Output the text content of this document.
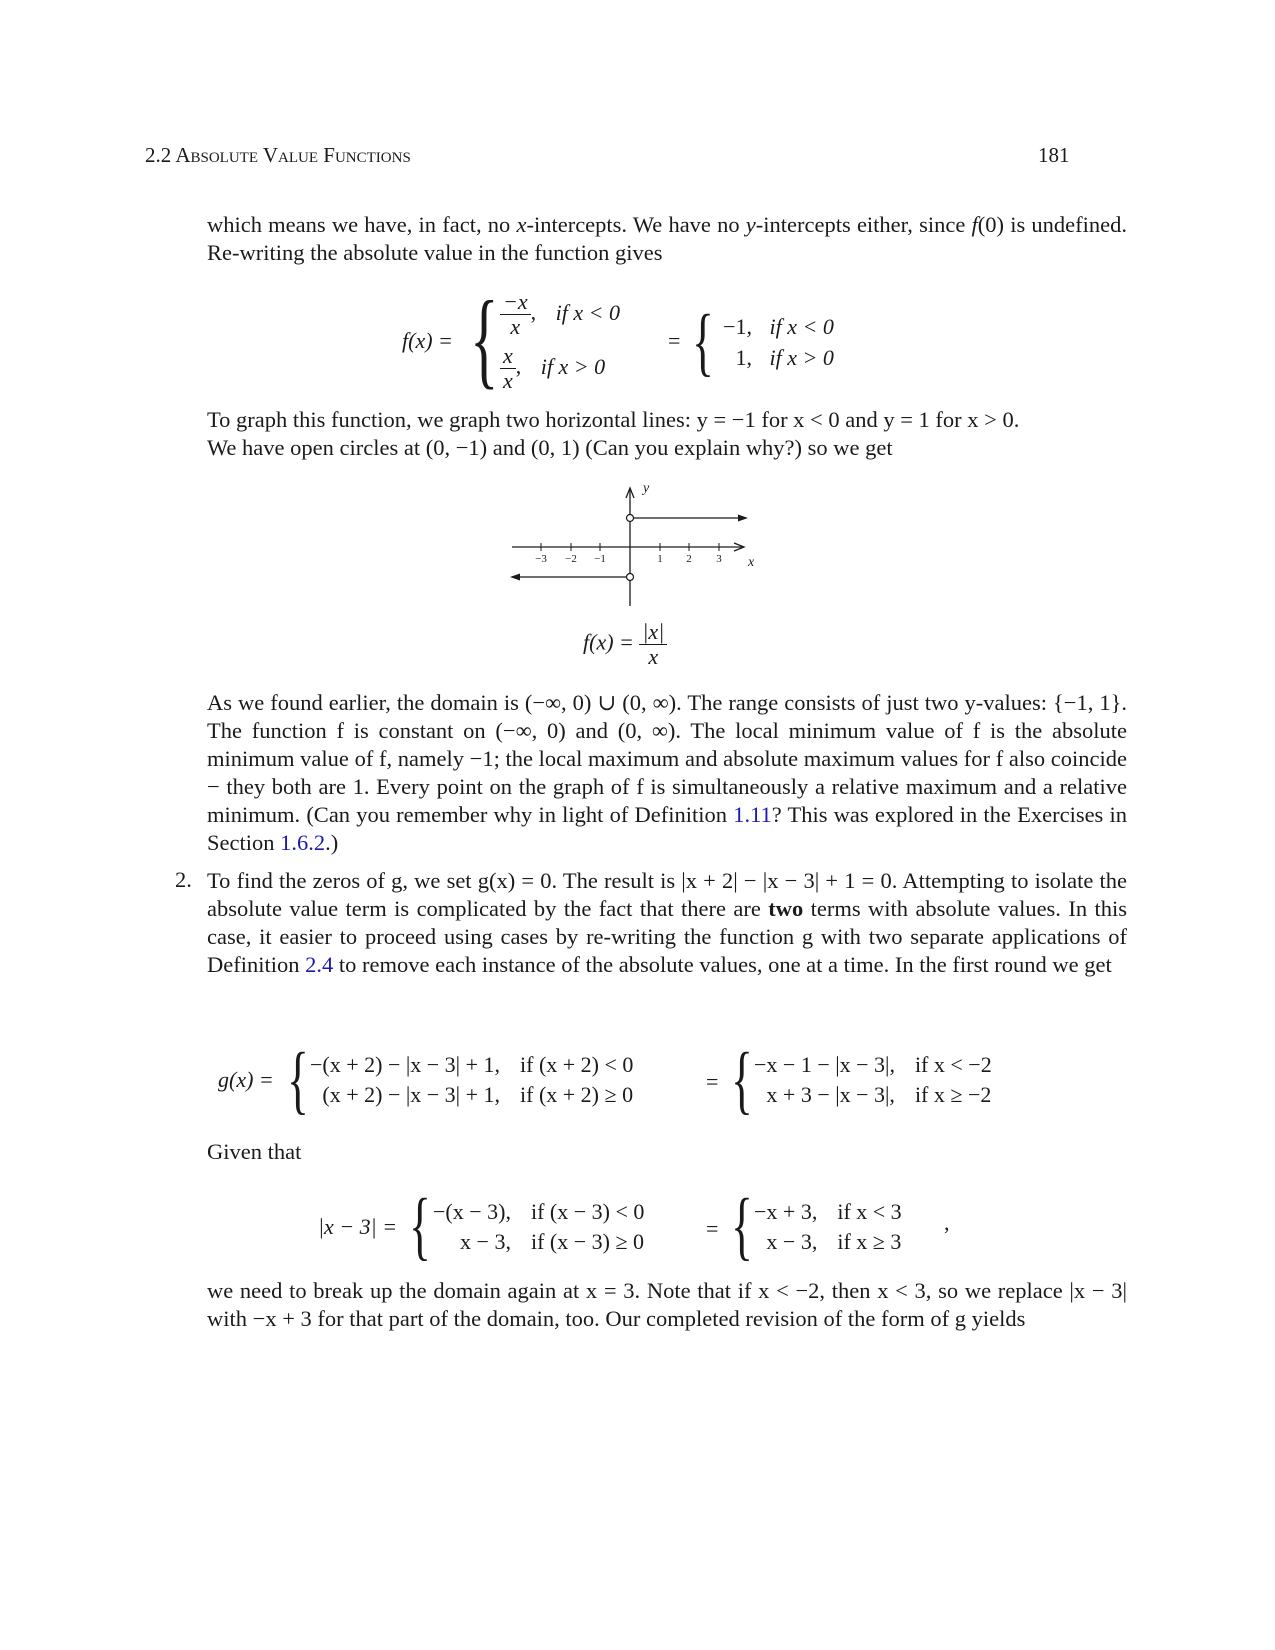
2.2 Absolute Value Functions	181
which means we have, in fact, no x-intercepts. We have no y-intercepts either, since f(0) is undefined. Re-writing the absolute value in the function gives
f(x) = { $\frac{-x}{x}$ , if x < 0
$\frac{x}{x}$ , if x > 0
= { −1, if x < 0
1, if x > 0
To graph this function, we graph two horizontal lines: y = −1 for x < 0 and y = 1 for x > 0.
We have open circles at (0, −1) and (0, 1) (Can you explain why?) so we get
−3 −2 −1	1 2 3 x
y
$f(x) = \frac{|x|}{x}$
As we found earlier, the domain is (−∞, 0) ∪ (0, ∞). The range consists of just two y-values: {−1, 1}. The function f is constant on (−∞, 0) and (0, ∞). The local minimum value of f is the absolute minimum value of f, namely −1; the local maximum and absolute maximum values for f also coincide − they both are 1. Every point on the graph of f is simultaneously a relative maximum and a relative minimum. (Can you remember why in light of Definition 1.11? This was explored in the Exercises in Section 1.6.2.)
2. To find the zeros of g, we set g(x) = 0. The result is |x + 2| − |x − 3| + 1 = 0. Attempting to isolate the absolute value term is complicated by the fact that there are two terms with absolute values. In this case, it easier to proceed using cases by re-writing the function g with two separate applications of Definition 2.4 to remove each instance of the absolute values, one at a time. In the first round we get
g(x) = { −(x + 2) − |x − 3| + 1,	if (x + 2) < 0
(x + 2) − |x − 3| + 1,	if (x + 2) ≥ 0
= { −x − 1 − |x − 3|,	if x < −2
x + 3 − |x − 3|,	if x ≥ −2
Given that
|x − 3| = { −(x − 3),	if (x − 3) < 0
x − 3,	if (x − 3) ≥ 0
= { −x + 3,	if x < 3
x − 3,	if x ≥ 3
,
we need to break up the domain again at x = 3. Note that if x < −2, then x < 3, so we replace |x − 3| with −x + 3 for that part of the domain, too. Our completed revision of the form of g yields
